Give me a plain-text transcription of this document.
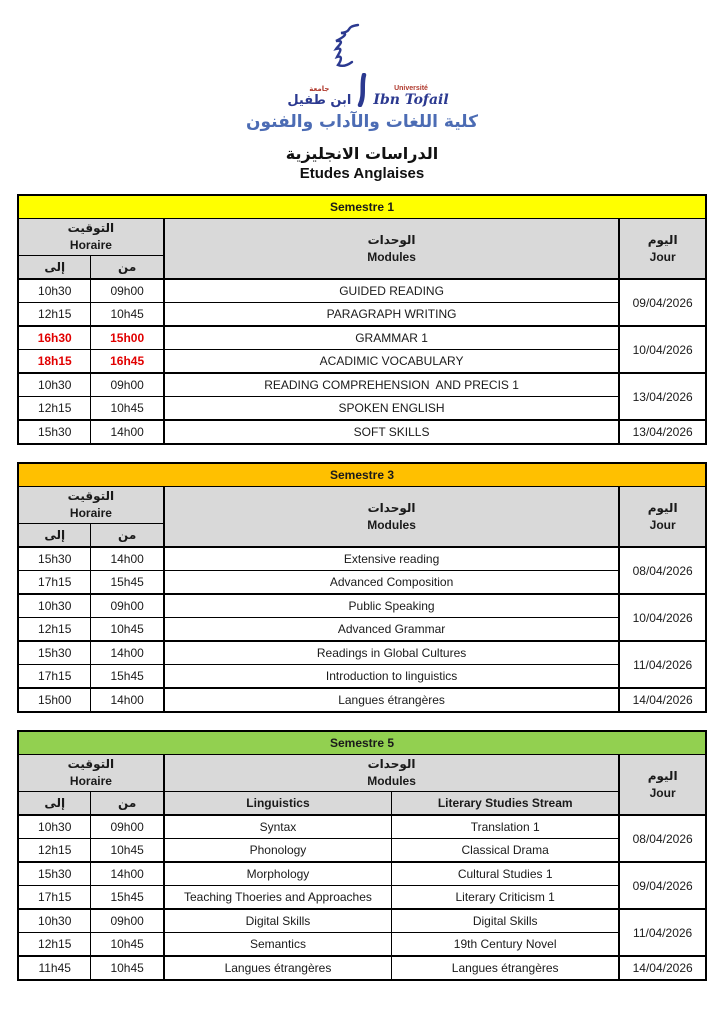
جامعة
ابن طفيل
Université
Ibn Tofail
كلية اللغات والآداب والفنون
الدراسات الانجليزية
Etudes Anglaises
Semestre 1			

التوقيت
Horaire		الوحدات
Modules	اليوم
Jour

إلى	من		
10h30	09h00	GUIDED READING	09/04/2026
12h15	10h45	PARAGRAPH WRITING	
16h30	15h00	GRAMMAR 1	10/04/2026
18h15	16h45	ACADIMIC VOCABULARY	
10h30	09h00	READING COMPREHENSION  AND PRECIS 1	13/04/2026
12h15	10h45	SPOKEN ENGLISH	
15h30	14h00	SOFT SKILLS	13/04/2026
Semestre 3			

التوقيت
Horaire		الوحدات
Modules	اليوم
Jour

إلى	من		
15h30	14h00	Extensive reading	08/04/2026
17h15	15h45	Advanced Composition	
10h30	09h00	Public Speaking	10/04/2026
12h15	10h45	Advanced Grammar	
15h30	14h00	Readings in Global Cultures	11/04/2026
17h15	15h45	Introduction to linguistics	
15h00	14h00	Langues étrangères	14/04/2026
Semestre 5				

التوقيت
Horaire		الوحدات
Modules		اليوم
Jour

إلى	من	Linguistics	Literary Studies Stream	
10h30	09h00	Syntax	Translation 1	08/04/2026
12h15	10h45	Phonology	Classical Drama	
15h30	14h00	Morphology	Cultural Studies 1	09/04/2026
17h15	15h45	Teaching Thoeries and Approaches	Literary Criticism 1	
10h30	09h00	Digital Skills	Digital Skills	11/04/2026
12h15	10h45	Semantics	19th Century Novel	
11h45	10h45	Langues étrangères	Langues étrangères	14/04/2026
